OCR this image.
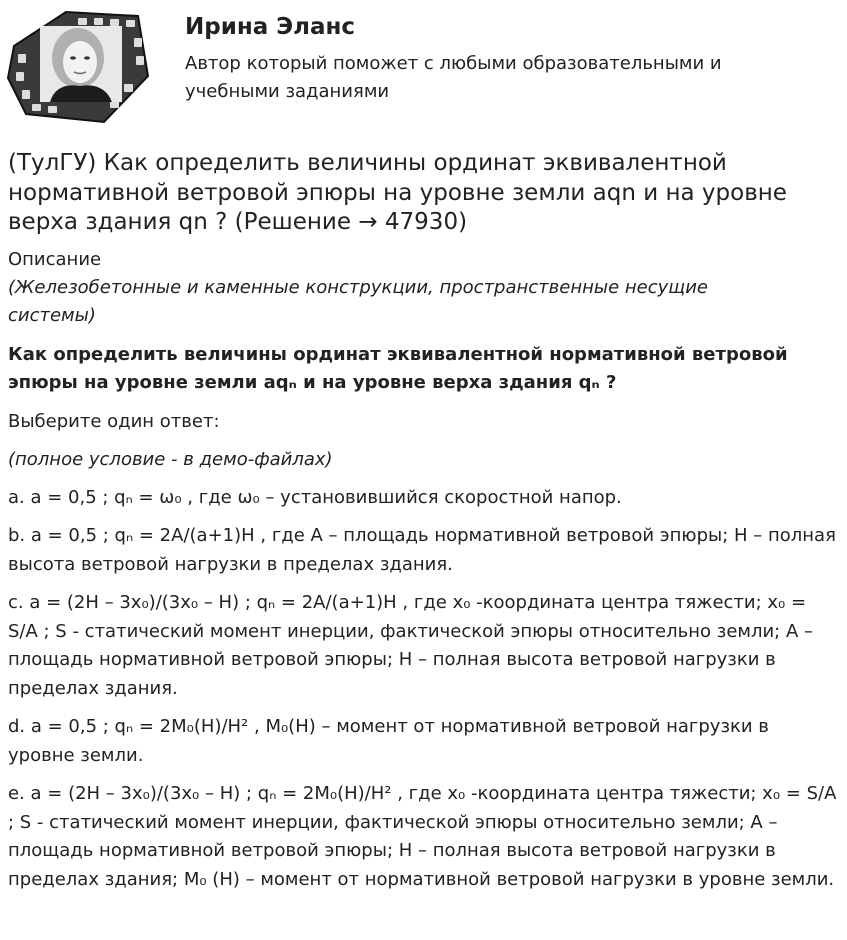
Ирина Эланс
Автор который поможет с любыми образовательными и учебными заданиями
(ТулГУ) Как определить величины ординат эквивалентной нормативной ветровой эпюры на уровне земли aqn и на уровне верха здания qn ? (Решение → 47930)
Описание
(Железобетонные и каменные конструкции, пространственные несущие системы)
Как определить величины ординат эквивалентной нормативной ветровой эпюры на уровне земли aqₙ и на уровне верха здания qₙ ?
Выберите один ответ:
(полное условие - в демо-файлах)
a. a = 0,5 ; qₙ = ω₀ , где ω₀ – установившийся скоростной напор.
b. a = 0,5 ; qₙ = 2A/(a+1)H , где A – площадь нормативной ветровой эпюры; H – полная высота ветровой нагрузки в пределах здания.
c. a = (2H – 3x₀)/(3x₀ – H) ; qₙ = 2A/(a+1)H , где x₀ -координата центра тяжести; x₀ = S/A ; S - статический момент инерции, фактической эпюры относительно земли; A – площадь нормативной ветровой эпюры; H – полная высота ветровой нагрузки в пределах здания.
d. a = 0,5 ; qₙ = 2M₀(H)/H² , M₀(H) – момент от нормативной ветровой нагрузки в уровне земли.
e. a = (2H – 3x₀)/(3x₀ – H) ; qₙ = 2M₀(H)/H² , где x₀ -координата центра тяжести; x₀ = S/A ; S - статический момент инерции, фактической эпюры относительно земли; A – площадь нормативной ветровой эпюры; H – полная высота ветровой нагрузки в пределах здания; M₀ (H) – момент от нормативной ветровой нагрузки в уровне земли.
